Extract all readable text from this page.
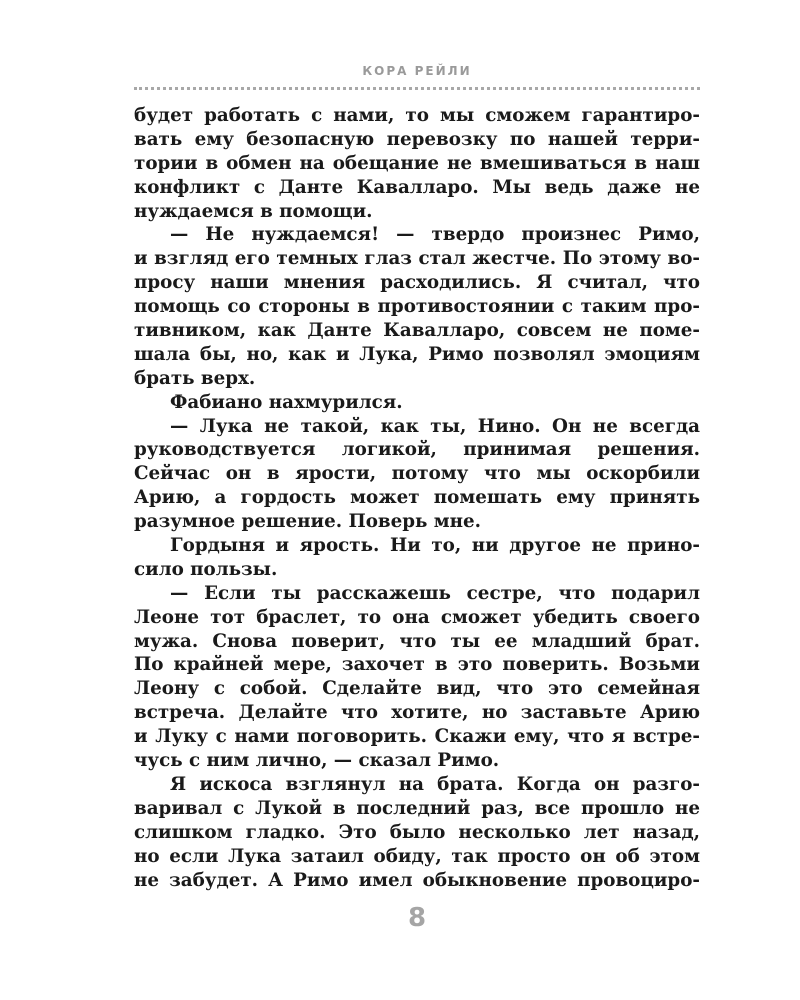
КОРА РЕЙЛИ
будет работать с нами, то мы сможем гарантиро-
вать ему безопасную перевозку по нашей терри-
тории в обмен на обещание не вмешиваться в наш
конфликт с Данте Кавалларо. Мы ведь даже не
нуждаемся в помощи.
— Не нуждаемся! — твердо произнес Римо,
и взгляд его темных глаз стал жестче. По этому во-
просу наши мнения расходились. Я считал, что
помощь со стороны в противостоянии с таким про-
тивником, как Данте Кавалларо, совсем не поме-
шала бы, но, как и Лука, Римо позволял эмоциям
брать верх.
Фабиано нахмурился.
— Лука не такой, как ты, Нино. Он не всегда
руководствуется логикой, принимая решения.
Сейчас он в ярости, потому что мы оскорбили
Арию, а гордость может помешать ему принять
разумное решение. Поверь мне.
Гордыня и ярость. Ни то, ни другое не прино-
сило пользы.
— Если ты расскажешь сестре, что подарил
Леоне тот браслет, то она сможет убедить своего
мужа. Снова поверит, что ты ее младший брат.
По крайней мере, захочет в это поверить. Возьми
Леону с собой. Сделайте вид, что это семейная
встреча. Делайте что хотите, но заставьте Арию
и Луку с нами поговорить. Скажи ему, что я встре-
чусь с ним лично, — сказал Римо.
Я искоса взглянул на брата. Когда он разго-
варивал с Лукой в последний раз, все прошло не
слишком гладко. Это было несколько лет назад,
но если Лука затаил обиду, так просто он об этом
не забудет. А Римо имел обыкновение провоциро-
8
